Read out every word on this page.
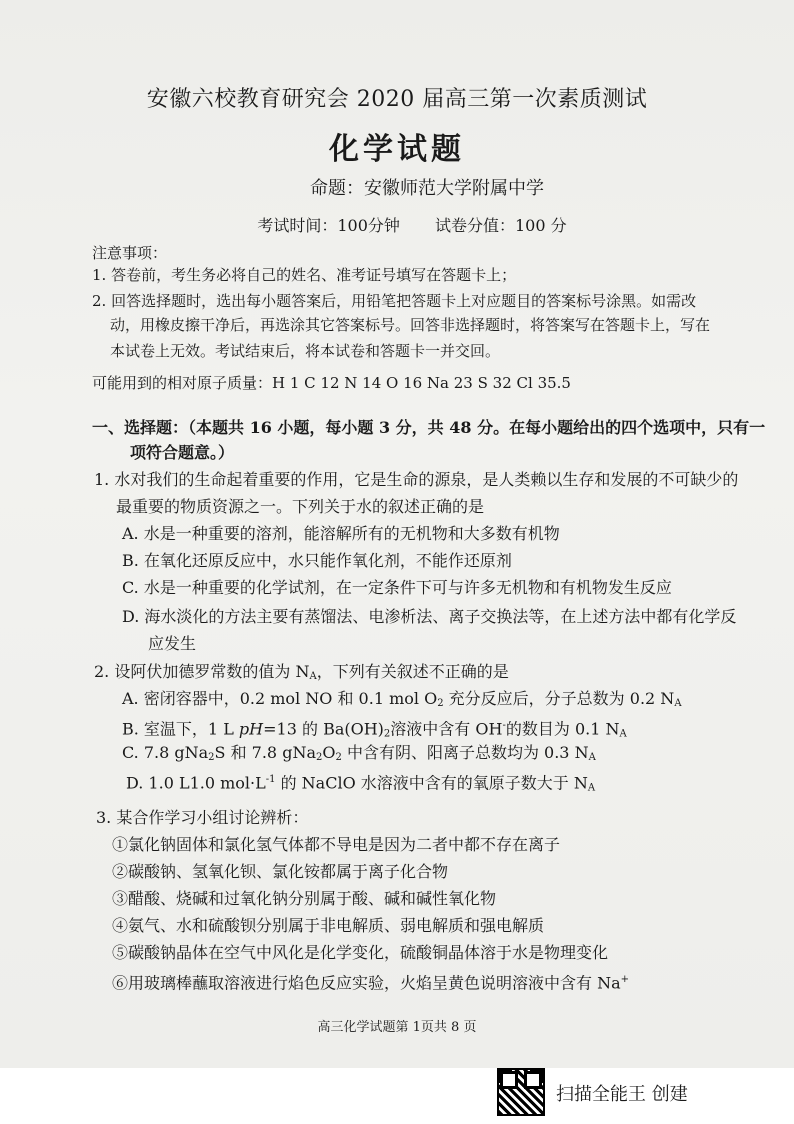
安徽六校教育研究会 2020 届高三第一次素质测试
化学试题
命题：安徽师范大学附属中学
考试时间：100分钟 试卷分值：100 分
注意事项：
1. 答卷前，考生务必将自己的姓名、准考证号填写在答题卡上；
2. 回答选择题时，选出每小题答案后，用铅笔把答题卡上对应题目的答案标号涂黑。如需改
动，用橡皮擦干净后，再选涂其它答案标号。回答非选择题时，将答案写在答题卡上，写在
本试卷上无效。考试结束后，将本试卷和答题卡一并交回。
可能用到的相对原子质量：H 1 C 12 N 14 O 16 Na 23 S 32 Cl 35.5
一、选择题：（本题共 16 小题，每小题 3 分，共 48 分。在每小题给出的四个选项中，只有一
项符合题意。）
1. 水对我们的生命起着重要的作用，它是生命的源泉，是人类赖以生存和发展的不可缺少的
最重要的物质资源之一。下列关于水的叙述正确的是
A. 水是一种重要的溶剂，能溶解所有的无机物和大多数有机物
B. 在氧化还原反应中，水只能作氧化剂，不能作还原剂
C. 水是一种重要的化学试剂，在一定条件下可与许多无机物和有机物发生反应
D. 海水淡化的方法主要有蒸馏法、电渗析法、离子交换法等，在上述方法中都有化学反
应发生
2. 设阿伏加德罗常数的值为 $N_A$，下列有关叙述不正确的是
A. 密闭容器中，0.2 mol NO 和 0.1 mol $O_2$ 充分反应后，分子总数为 0.2 $N_A$
B. 室温下，1 L pH=13 的 $Ba(OH)_2$溶液中含有 OH-的数目为 0.1 $N_A$
C. 7.8 gNa$_2$S 和 7.8 $gNa_2O_2$ 中含有阴、阳离子总数均为 0.3 $N_A$
D. 1.0 L1.0 $mol\cdot L^{-1}$ 的 NaClO 水溶液中含有的氧原子数大于 $N_A$
3. 某合作学习小组讨论辨析：
①氯化钠固体和氯化氢气体都不导电是因为二者中都不存在离子
②碳酸钠、氢氧化钡、氯化铵都属于离子化合物
③醋酸、烧碱和过氧化钠分别属于酸、碱和碱性氧化物
④氨气、水和硫酸钡分别属于非电解质、弱电解质和强电解质
⑤碳酸钠晶体在空气中风化是化学变化，硫酸铜晶体溶于水是物理变化
⑥用玻璃棒蘸取溶液进行焰色反应实验，火焰呈黄色说明溶液中含有 Na+
高三化学试题第 1页共 8 页
扫描全能王 创建
